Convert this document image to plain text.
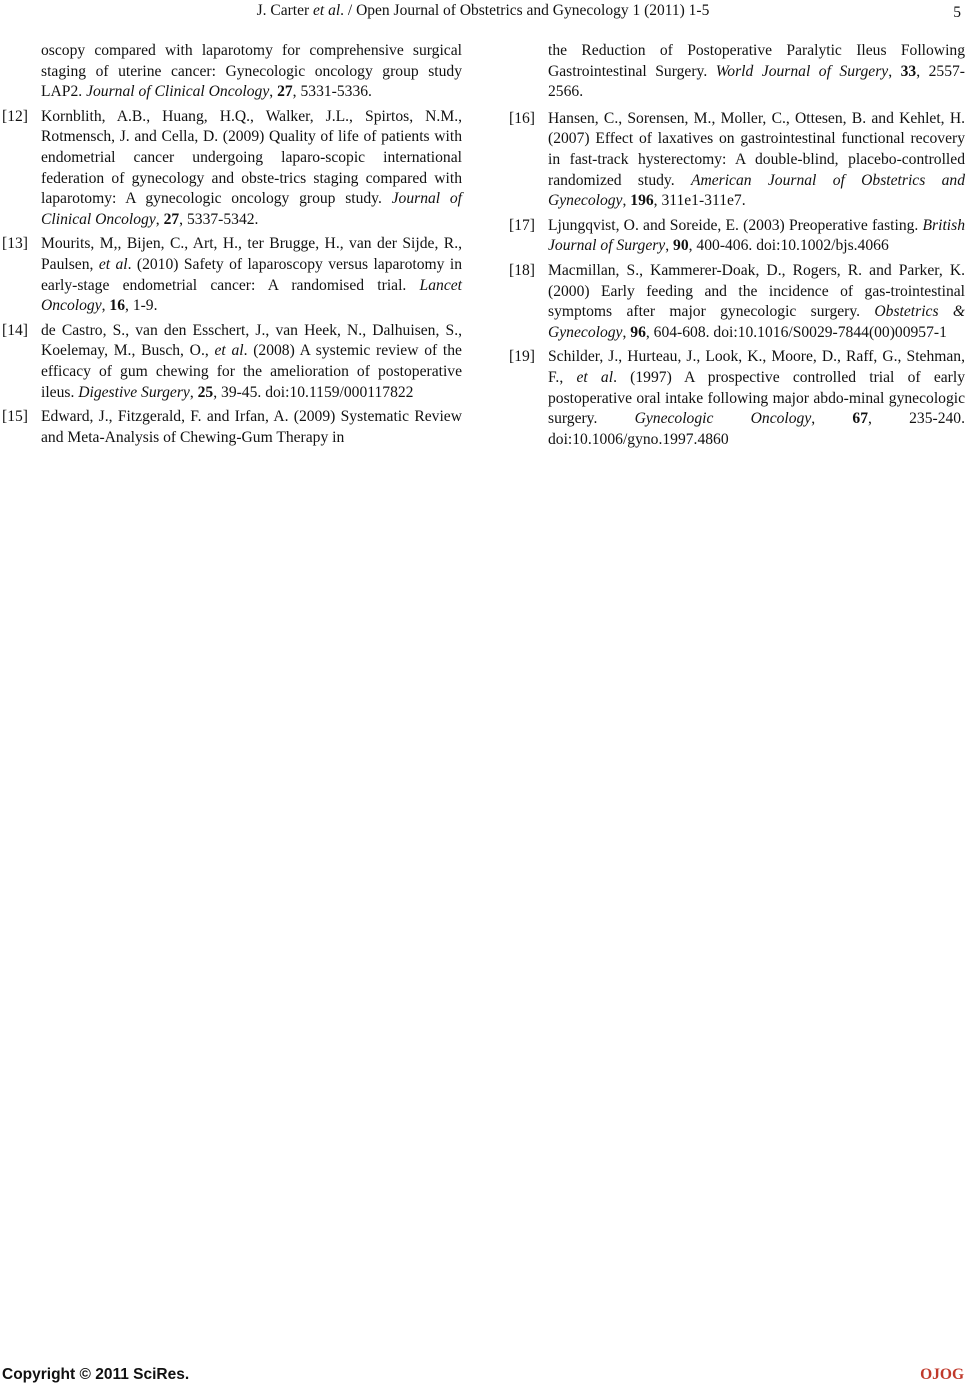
J. Carter et al. / Open Journal of Obstetrics and Gynecology 1 (2011) 1-5	5
oscopy compared with laparotomy for comprehensive surgical staging of uterine cancer: Gynecologic oncology group study LAP2. Journal of Clinical Oncology, 27, 5331-5336.
[12] Kornblith, A.B., Huang, H.Q., Walker, J.L., Spirtos, N.M., Rotmensch, J. and Cella, D. (2009) Quality of life of patients with endometrial cancer undergoing laparo-scopic international federation of gynecology and obste-trics staging compared with laparotomy: A gynecologic oncology group study. Journal of Clinical Oncology, 27, 5337-5342.
[13] Mourits, M,, Bijen, C., Art, H., ter Brugge, H., van der Sijde, R., Paulsen, et al. (2010) Safety of laparoscopy versus laparotomy in early-stage endometrial cancer: A randomised trial. Lancet Oncology, 16, 1-9.
[14] de Castro, S., van den Esschert, J., van Heek, N., Dalhuisen, S., Koelemay, M., Busch, O., et al. (2008) A systemic review of the efficacy of gum chewing for the amelioration of postoperative ileus. Digestive Surgery, 25, 39-45. doi:10.1159/000117822
[15] Edward, J., Fitzgerald, F. and Irfan, A. (2009) Systematic Review and Meta-Analysis of Chewing-Gum Therapy in
the Reduction of Postoperative Paralytic Ileus Following Gastrointestinal Surgery. World Journal of Surgery, 33, 2557-2566.
[16] Hansen, C., Sorensen, M., Moller, C., Ottesen, B. and Kehlet, H. (2007) Effect of laxatives on gastrointestinal functional recovery in fast-track hysterectomy: A double-blind, placebo-controlled randomized study. American Journal of Obstetrics and Gynecology, 196, 311e1-311e7.
[17] Ljungqvist, O. and Soreide, E. (2003) Preoperative fasting. British Journal of Surgery, 90, 400-406. doi:10.1002/bjs.4066
[18] Macmillan, S., Kammerer-Doak, D., Rogers, R. and Parker, K. (2000) Early feeding and the incidence of gas-trointestinal symptoms after major gynecologic surgery. Obstetrics & Gynecology, 96, 604-608. doi:10.1016/S0029-7844(00)00957-1
[19] Schilder, J., Hurteau, J., Look, K., Moore, D., Raff, G., Stehman, F., et al. (1997) A prospective controlled trial of early postoperative oral intake following major abdo-minal gynecologic surgery. Gynecologic Oncology, 67, 235-240. doi:10.1006/gyno.1997.4860
Copyright © 2011 SciRes.	OJOG
